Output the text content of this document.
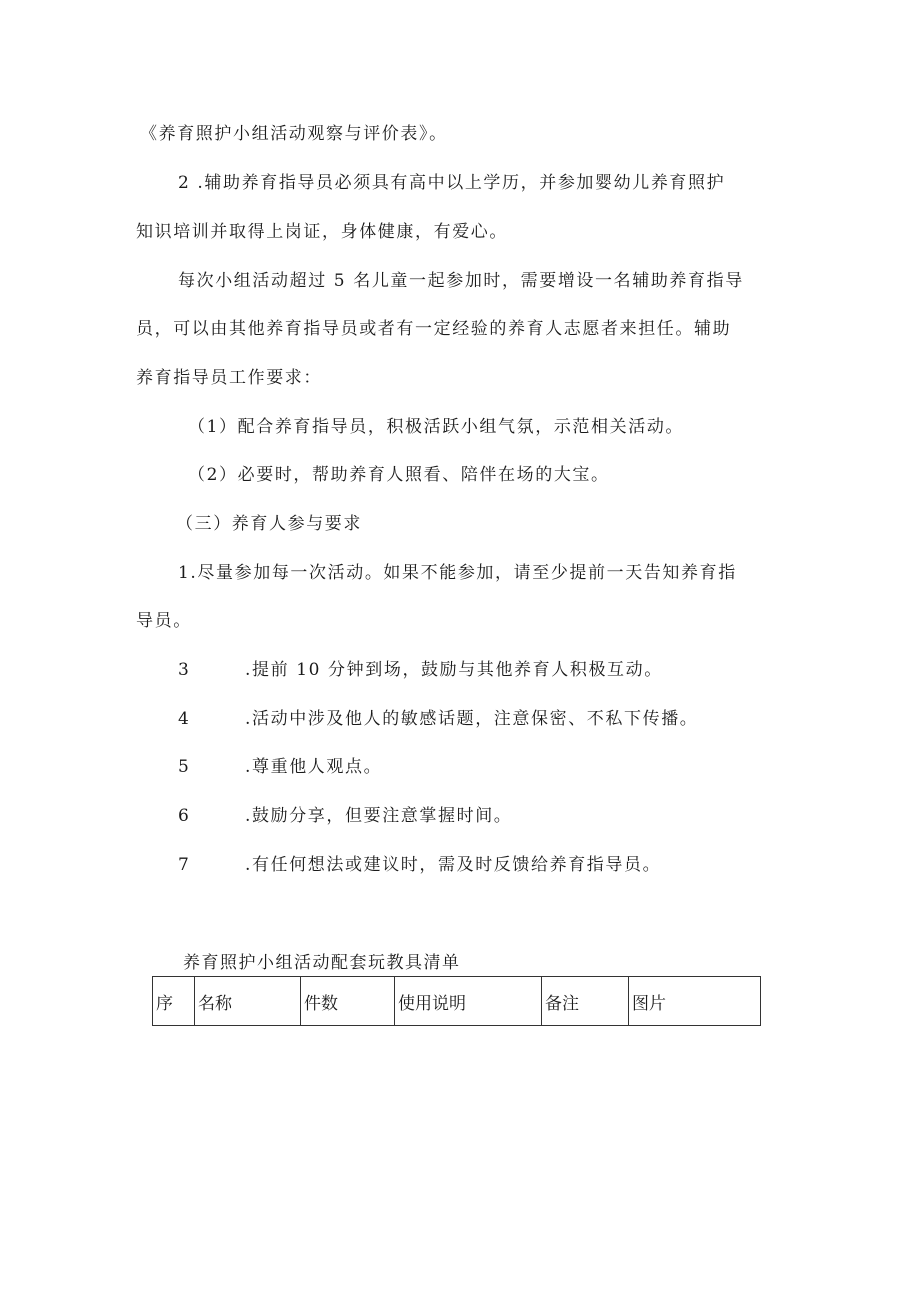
《养育照护小组活动观察与评价表》。
2 .辅助养育指导员必须具有高中以上学历，并参加婴幼儿养育照护
知识培训并取得上岗证，身体健康，有爱心。
每次小组活动超过 5 名儿童一起参加时，需要增设一名辅助养育指导
员，可以由其他养育指导员或者有一定经验的养育人志愿者来担任。辅助
养育指导员工作要求：
（1）配合养育指导员，积极活跃小组气氛，示范相关活动。
（2）必要时，帮助养育人照看、陪伴在场的大宝。
（三）养育人参与要求
1.尽量参加每一次活动。如果不能参加，请至少提前一天告知养育指
导员。
3	.提前 10 分钟到场，鼓励与其他养育人积极互动。
4	.活动中涉及他人的敏感话题，注意保密、不私下传播。
5	.尊重他人观点。
6	.鼓励分享，但要注意掌握时间。
7	.有任何想法或建议时，需及时反馈给养育指导员。
养育照护小组活动配套玩教具清单
序	名称	件数	使用说明	备注	图片
